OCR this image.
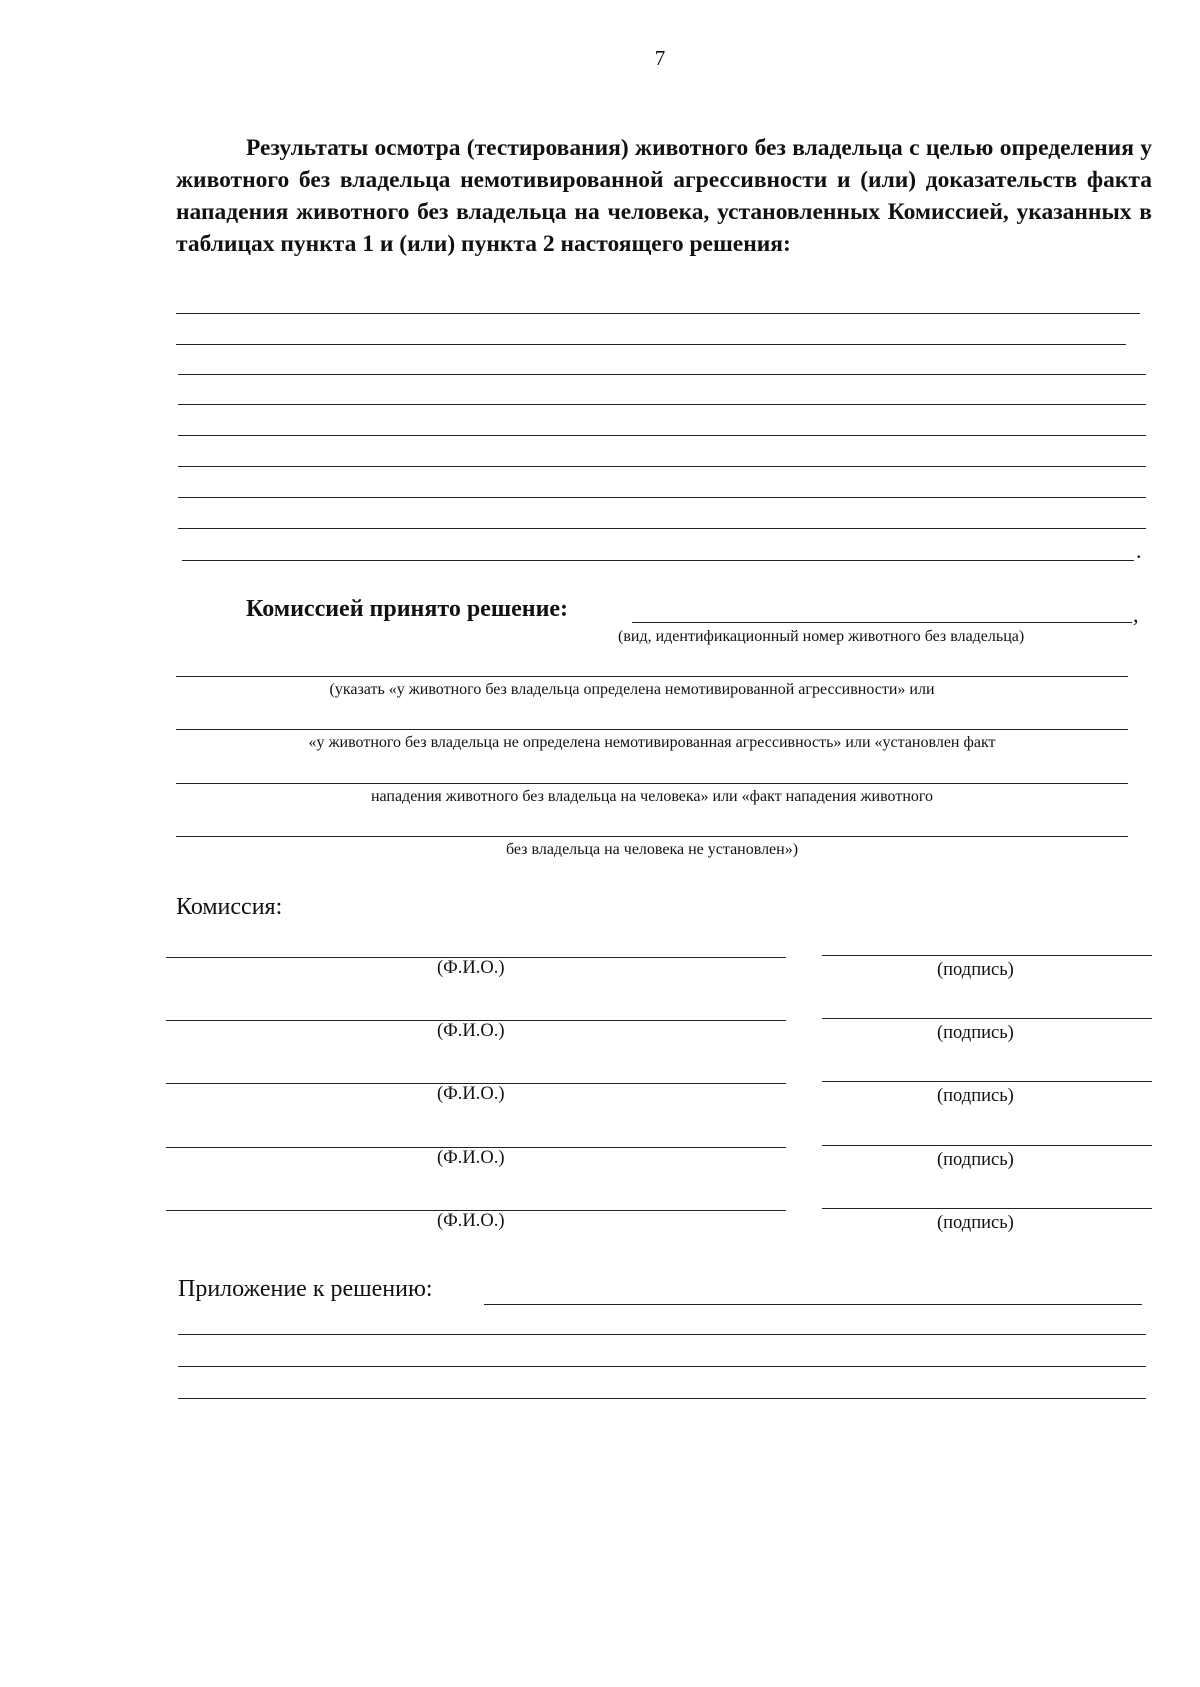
7
Результаты осмотра (тестирования) животного без владельца с целью определения у животного без владельца немотивированной агрессивности и (или) доказательств факта нападения животного без владельца на человека, установленных Комиссией, указанных в таблицах пункта 1 и (или) пункта 2 настоящего решения:
.
Комиссией принято решение:	,
(вид, идентификационный номер животного без владельца)
(указать «у животного без владельца определена немотивированной агрессивности» или
«у животного без владельца не определена немотивированная агрессивность» или «установлен факт
нападения животного без владельца на человека» или «факт нападения животного
без владельца на человека не установлен»)
Комиссия:
(Ф.И.О.)	(подпись)
(Ф.И.О.)	(подпись)
(Ф.И.О.)	(подпись)
(Ф.И.О.)	(подпись)
(Ф.И.О.)	(подпись)
Приложение к решению:
